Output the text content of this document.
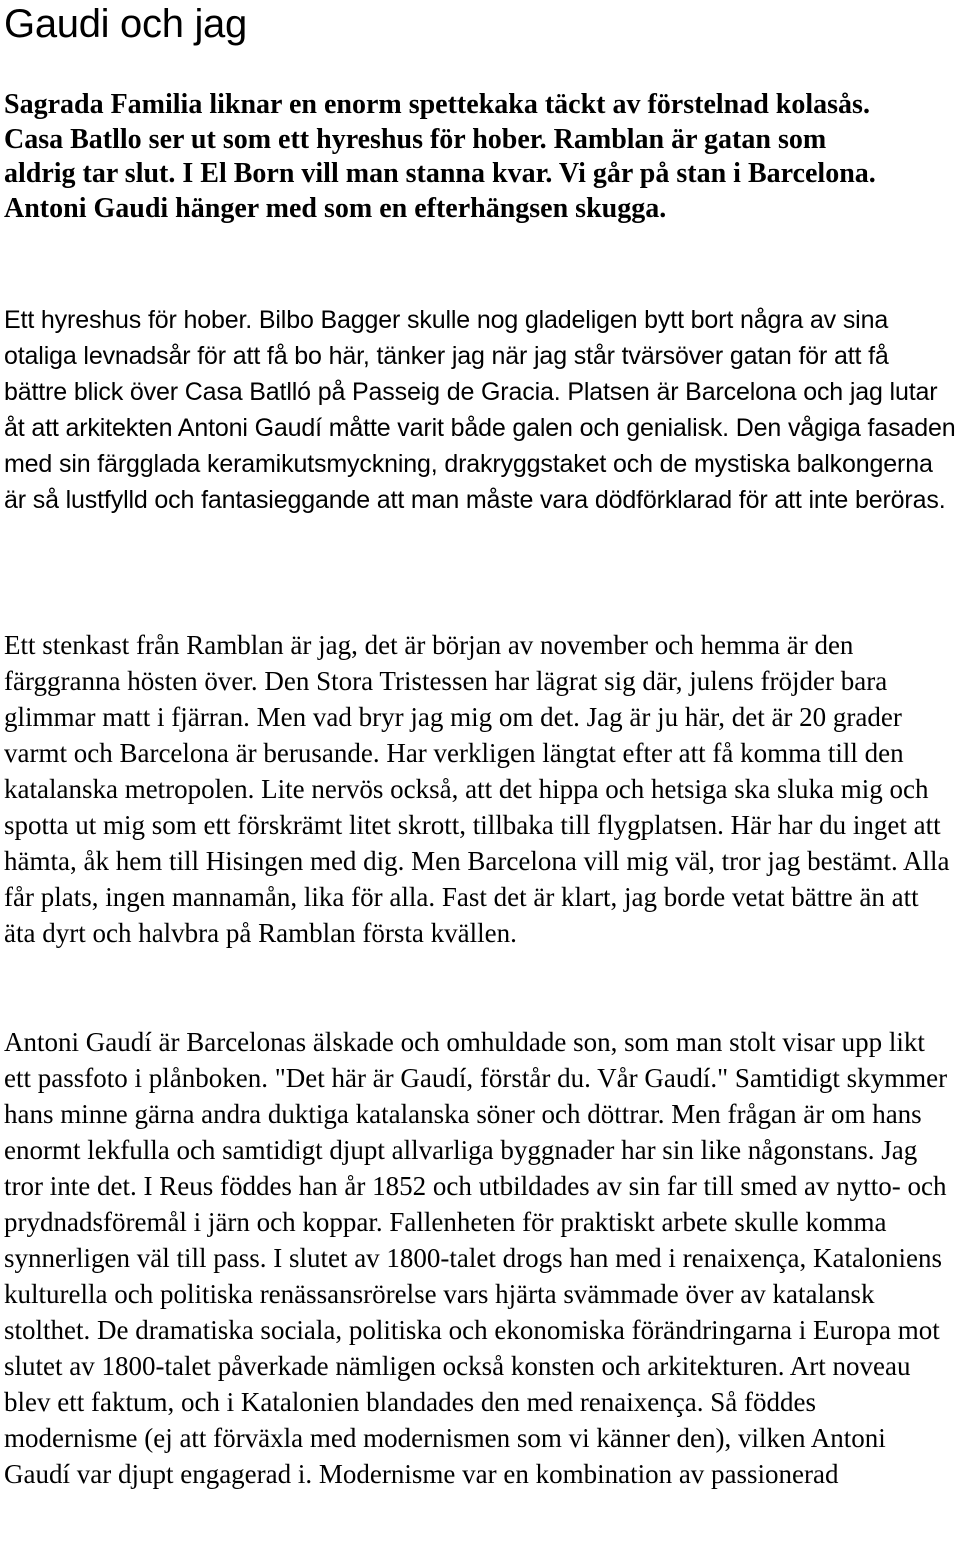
Gaudi och jag

Sagrada Familia liknar en enorm spettekaka täckt av förstelnad kolasås. Casa Batllo ser ut som ett hyreshus för hober. Ramblan är gatan som aldrig tar slut. I El Born vill man stanna kvar. Vi går på stan i Barcelona. Antoni Gaudi hänger med som en efterhängsen skugga.

Ett hyreshus för hober. Bilbo Bagger skulle nog gladeligen bytt bort några av sina otaliga levnadsår för att få bo här, tänker jag när jag står tvärsöver gatan för att få bättre blick över Casa Batlló på Passeig de Gracia. Platsen är Barcelona och jag lutar åt att arkitekten Antoni Gaudí måtte varit både galen och genialisk. Den vågiga fasaden med sin färgglada keramikutsmyckning, drakryggstaket och de mystiska balkongerna är så lustfylld och fantasieggande att man måste vara dödförklarad för att inte beröras.

Ett stenkast från Ramblan är jag, det är början av november och hemma är den färggranna hösten över. Den Stora Tristessen har lägrat sig där, julens fröjder bara glimmar matt i fjärran. Men vad bryr jag mig om det. Jag är ju här, det är 20 grader varmt och Barcelona är berusande. Har verkligen längtat efter att få komma till den katalanska metropolen. Lite nervös också, att det hippa och hetsiga ska sluka mig och spotta ut mig som ett förskrämt litet skrott, tillbaka till flygplatsen. Här har du inget att hämta, åk hem till Hisingen med dig. Men Barcelona vill mig väl, tror jag bestämt. Alla får plats, ingen mannamån, lika för alla. Fast det är klart, jag borde vetat bättre än att äta dyrt och halvbra på Ramblan första kvällen.

Antoni Gaudí är Barcelonas älskade och omhuldade son, som man stolt visar upp likt ett passfoto i plånboken. "Det här är Gaudí, förstår du. Vår Gaudí." Samtidigt skymmer hans minne gärna andra duktiga katalanska söner och döttrar. Men frågan är om hans enormt lekfulla och samtidigt djupt allvarliga byggnader har sin like någonstans. Jag tror inte det. I Reus föddes han år 1852 och utbildades av sin far till smed av nytto- och prydnadsföremål i järn och koppar. Fallenheten för praktiskt arbete skulle komma synnerligen väl till pass. I slutet av 1800-talet drogs han med i renaixença, Kataloniens kulturella och politiska renässansrörelse vars hjärta svämmade över av katalansk stolthet. De dramatiska sociala, politiska och ekonomiska förändringarna i Europa mot slutet av 1800-talet påverkade nämligen också konsten och arkitekturen. Art noveau blev ett faktum, och i Katalonien blandades den med renaixença. Så föddes modernisme (ej att förväxla med modernismen som vi känner den), vilken Antoni Gaudí var djupt engagerad i. Modernisme var en kombination av passionerad
